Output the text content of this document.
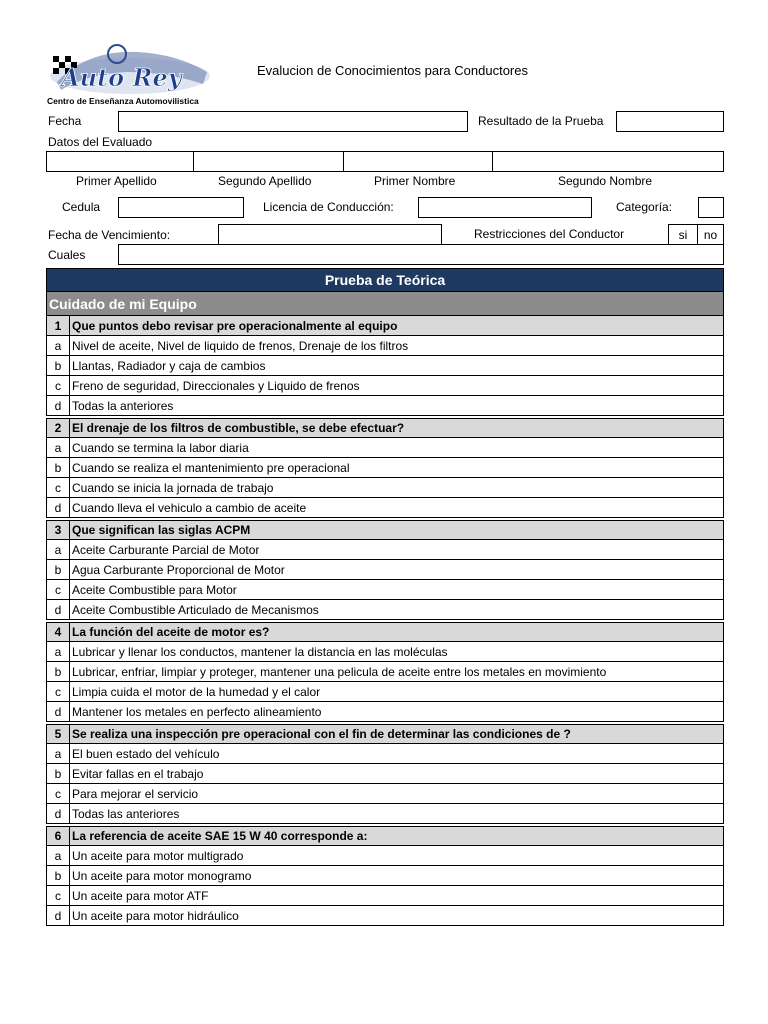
Auto Rey
Centro de Enseñanza Automovilistica
Evalucion de Conocimientos para Conductores
Fecha	Resultado de la Prueba
Datos del Evaluado
Primer Apellido	Segundo Apellido	Primer Nombre	Segundo Nombre
Cedula	Licencia de Conducción:	Categoría:
Fecha de Vencimiento:	Restricciones del Conductor	si	no
Cuales
Prueba de Teórica
Cuidado de mi Equipo
1 Que puntos debo revisar pre operacionalmente al equipo
a Nivel de aceite, Nivel de liquido de frenos, Drenaje de los filtros
b Llantas, Radiador y caja de cambios
c Freno de seguridad, Direccionales y Liquido de frenos
d Todas la anteriores
2 El drenaje de los filtros de combustible, se debe efectuar?
a Cuando se termina la labor diaria
b Cuando se realiza el mantenimiento pre operacional
c Cuando se inicia la jornada de trabajo
d Cuando lleva el vehiculo a cambio de aceite
3 Que significan las siglas ACPM
a Aceite Carburante Parcial de Motor
b Agua Carburante Proporcional de Motor
c Aceite Combustible para Motor
d Aceite Combustible Articulado de Mecanismos
4 La función del aceite de motor es?
a Lubricar y llenar los conductos, mantener la distancia en las moléculas
b Lubricar, enfriar, limpiar y proteger, mantener una pelicula de aceite entre los metales en movimiento
c Limpia cuida el motor de la humedad y el calor
d Mantener los metales en perfecto alineamiento
5 Se realiza una inspección pre operacional con el fin de determinar las condiciones de ?
a El buen estado del vehículo
b Evitar fallas en el trabajo
c Para mejorar el servicio
d Todas las anteriores
6 La referencia de aceite SAE 15 W 40 corresponde a:
a Un aceite para motor multigrado
b Un aceite para motor monogramo
c Un aceite para motor ATF
d Un aceite para motor hidráulico
